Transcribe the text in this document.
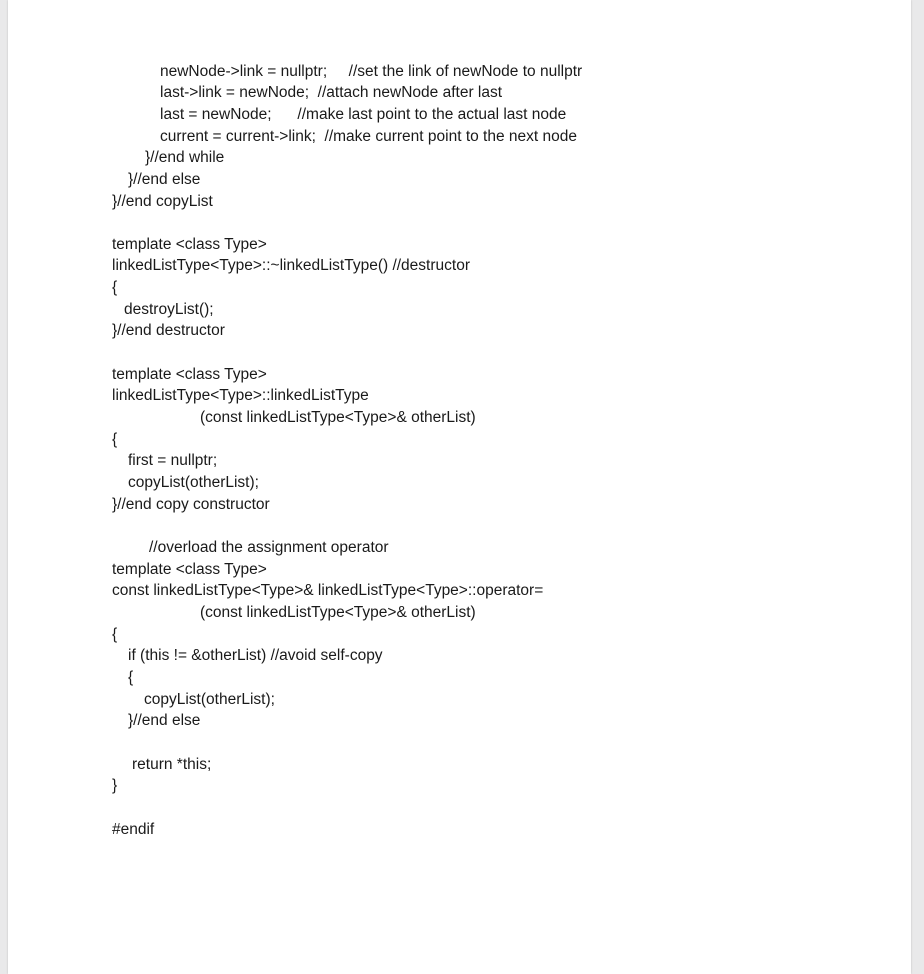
newNode->link = nullptr;     //set the link of newNode to nullptr
last->link = newNode;  //attach newNode after last
last = newNode;      //make last point to the actual last node
current = current->link;  //make current point to the next node
}//end while
}//end else
}//end copyList
template <class Type>
linkedListType<Type>::~linkedListType() //destructor
{
destroyList();
}//end destructor
template <class Type>
linkedListType<Type>::linkedListType
(const linkedListType<Type>& otherList)
{
first = nullptr;
copyList(otherList);
}//end copy constructor
//overload the assignment operator
template <class Type>
const linkedListType<Type>& linkedListType<Type>::operator=
(const linkedListType<Type>& otherList)
{
if (this != &otherList) //avoid self-copy
{
copyList(otherList);
}//end else
return *this;
}
#endif
